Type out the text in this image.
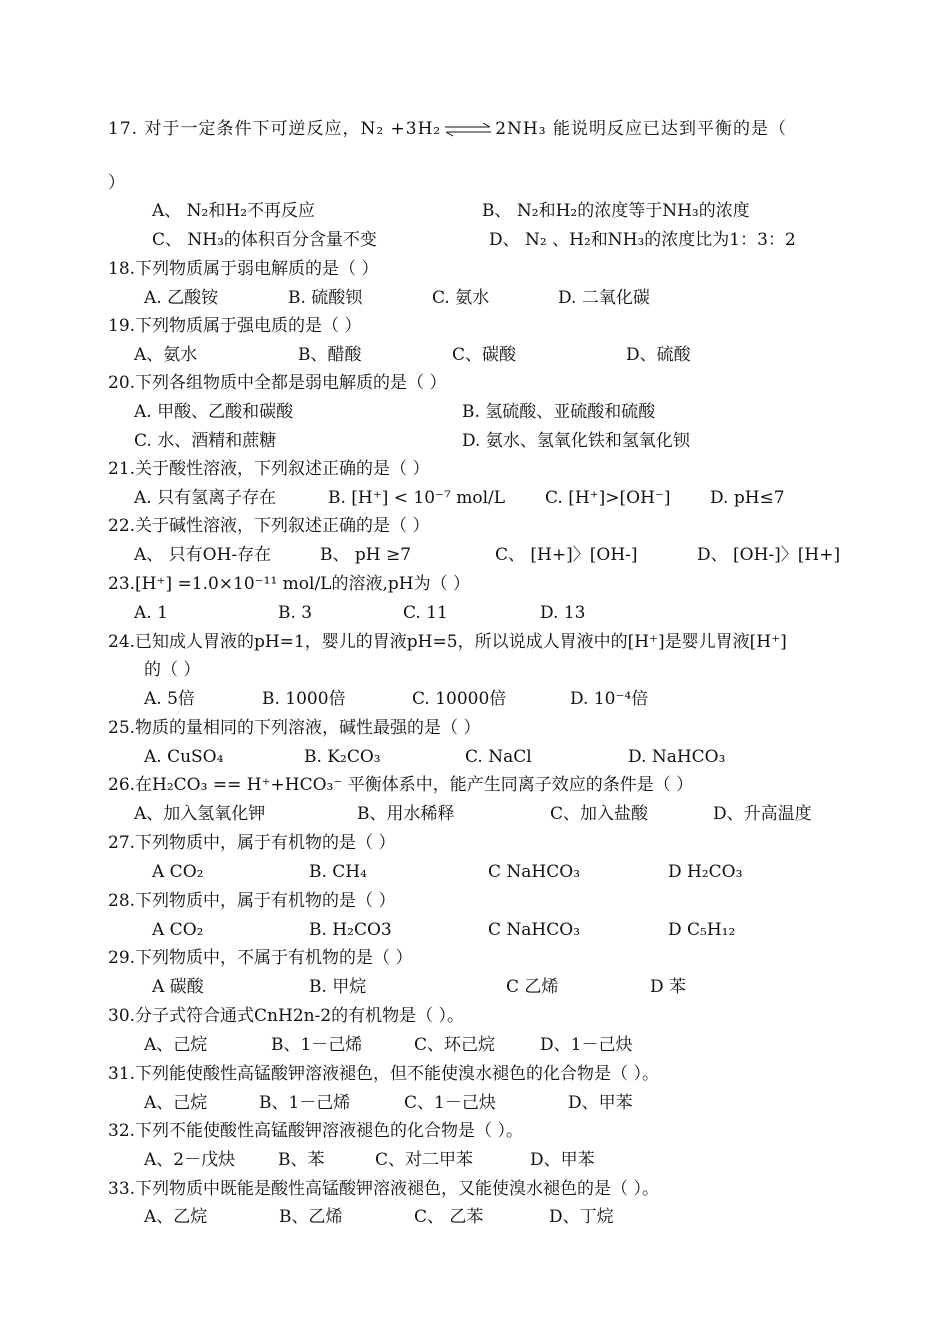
17. 对于一定条件下可逆反应，N₂ +3H₂ ⇌ 2NH₃ 能说明反应已达到平衡的是（
）
A、 N₂和H₂不再反应	B、 N₂和H₂的浓度等于NH₃的浓度
C、 NH₃的体积百分含量不变	D、 N₂ 、H₂和NH₃的浓度比为1：3：2
18.下列物质属于弱电解质的是（ ）
A. 乙酸铵	B. 硫酸钡	C. 氨水	D. 二氧化碳
19.下列物质属于强电质的是（ ）
A、氨水	B、醋酸	C、碳酸	D、硫酸
20.下列各组物质中全都是弱电解质的是（ ）
A. 甲酸、乙酸和碳酸	B. 氢硫酸、亚硫酸和硫酸
C. 水、酒精和蔗糖	D. 氨水、氢氧化铁和氢氧化钡
21.关于酸性溶液，下列叙述正确的是（ ）
A. 只有氢离子存在	B. [H⁺] < 10⁻⁷ mol/L C. [H⁺]>[OH⁻] D. pH≤7
22.关于碱性溶液，下列叙述正确的是（ ）
A、 只有OH-存在	B、 pH ≥7	C、 [H+]〉[OH-]	D、 [OH-]〉[H+]
23.[H⁺] =1.0×10⁻¹¹ mol/L的溶液,pH为（ ）
A. 1	B. 3	C. 11	D. 13
24.已知成人胃液的pH=1，婴儿的胃液pH=5，所以说成人胃液中的[H⁺]是婴儿胃液[H⁺]
的（ ）
A. 5倍	B. 1000倍	C. 10000倍	D. 10⁻⁴倍
25.物质的量相同的下列溶液，碱性最强的是（ ）
A. CuSO₄	B. K₂CO₃	C. NaCl	D. NaHCO₃
26.在H₂CO₃ == H⁺+HCO₃⁻ 平衡体系中，能产生同离子效应的条件是（ ）
A、加入氢氧化钾	B、用水稀释	C、加入盐酸	D、升高温度
27.下列物质中，属于有机物的是（ ）
A CO₂	B. CH₄	C NaHCO₃	D H₂CO₃
28.下列物质中，属于有机物的是（ ）
A CO₂	B. H₂CO3	C NaHCO₃	D C₅H₁₂
29.下列物质中，不属于有机物的是（ ）
A 碳酸	B. 甲烷	C 乙烯	D 苯
30.分子式符合通式CnH2n-2的有机物是（ ）。
A、己烷	B、1－己烯	C、环己烷	D、1－己炔
31.下列能使酸性高锰酸钾溶液褪色，但不能使溴水褪色的化合物是（ ）。
A、己烷	B、1－己烯	C、1－己炔	D、甲苯
32.下列不能使酸性高锰酸钾溶液褪色的化合物是（ ）。
A、2－戊炔	B、苯	C、对二甲苯	D、甲苯
33.下列物质中既能是酸性高锰酸钾溶液褪色，又能使溴水褪色的是（ ）。
A、乙烷	B、乙烯	C、 乙苯	D、丁烷
